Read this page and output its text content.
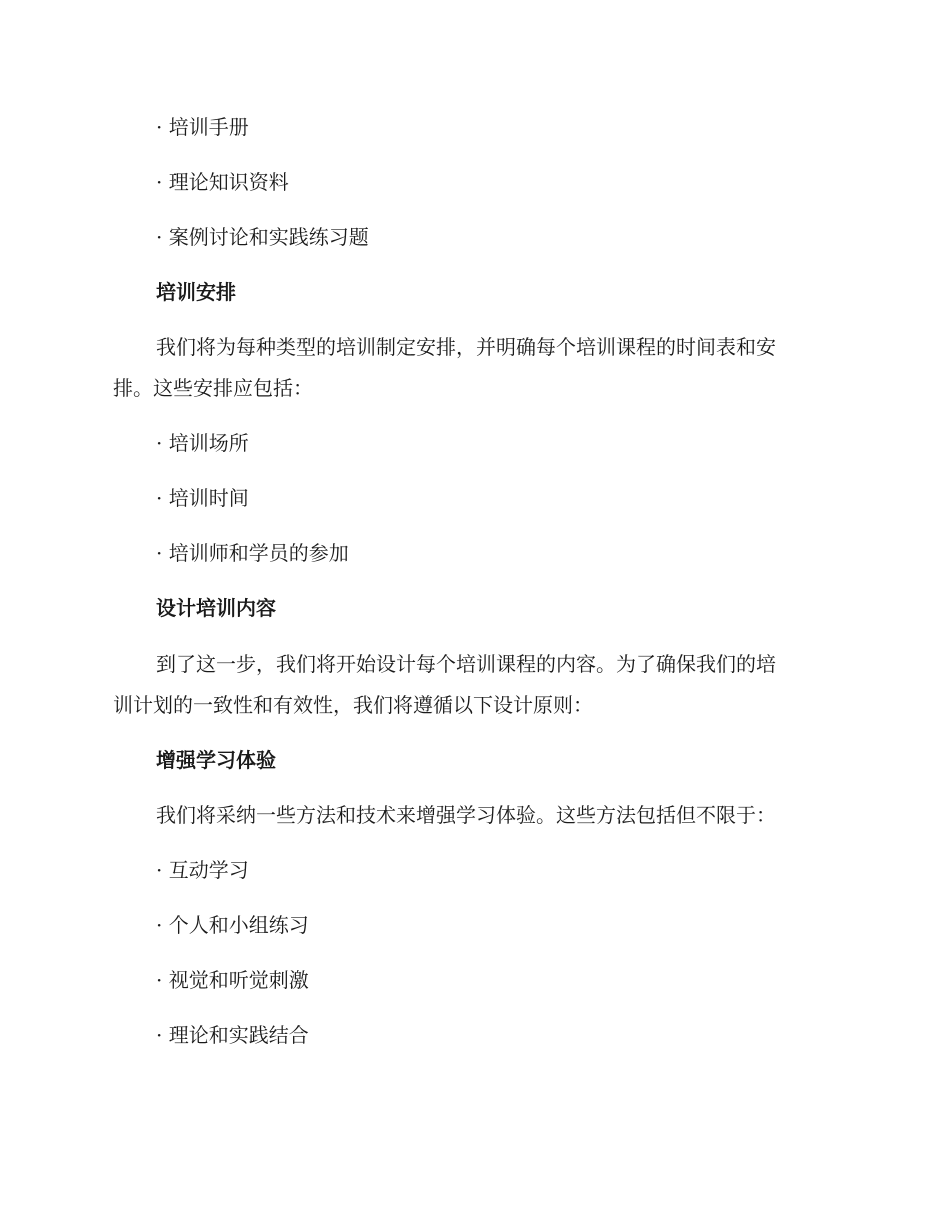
· 培训手册
· 理论知识资料
· 案例讨论和实践练习题
培训安排
我们将为每种类型的培训制定安排，并明确每个培训课程的时间表和安
排。这些安排应包括：
· 培训场所
· 培训时间
· 培训师和学员的参加
设计培训内容
到了这一步，我们将开始设计每个培训课程的内容。为了确保我们的培
训计划的一致性和有效性，我们将遵循以下设计原则：
增强学习体验
我们将采纳一些方法和技术来增强学习体验。这些方法包括但不限于：
· 互动学习
· 个人和小组练习
· 视觉和听觉刺激
· 理论和实践结合
